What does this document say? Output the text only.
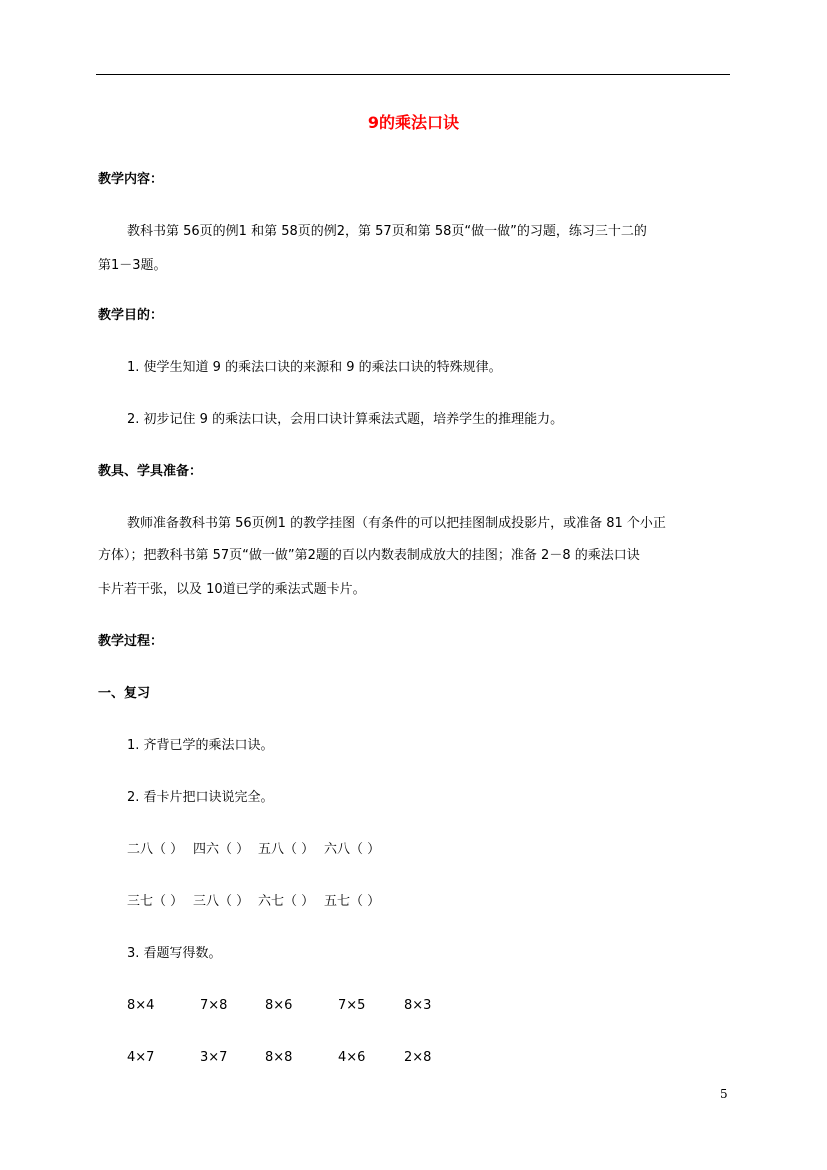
9的乘法口诀
教学内容：
教科书第 56页的例1 和第 58页的例2，第 57页和第 58页“做一做”的习题，练习三十二的
第1－3题。
教学目的：
1. 使学生知道 9 的乘法口诀的来源和 9 的乘法口诀的特殊规律。
2. 初步记住 9 的乘法口诀，会用口诀计算乘法式题，培养学生的推理能力。
教具、学具准备：
教师准备教科书第 56页例1 的教学挂图（有条件的可以把挂图制成投影片，或准备 81 个小正
方体）；把教科书第 57页“做一做”第2题的百以内数表制成放大的挂图；准备 2－8 的乘法口诀
卡片若干张，以及 10道已学的乘法式题卡片。
教学过程：
一、复习
1. 齐背已学的乘法口诀。
2. 看卡片把口诀说完全。
二八（ ） 四六（ ） 五八（ ） 六八（ ）
三七（ ） 三八（ ） 六七（ ） 五七（ ）
3. 看题写得数。
8×4	7×8	8×6	7×5	8×3
4×7	3×7	8×8	4×6	2×8
5
